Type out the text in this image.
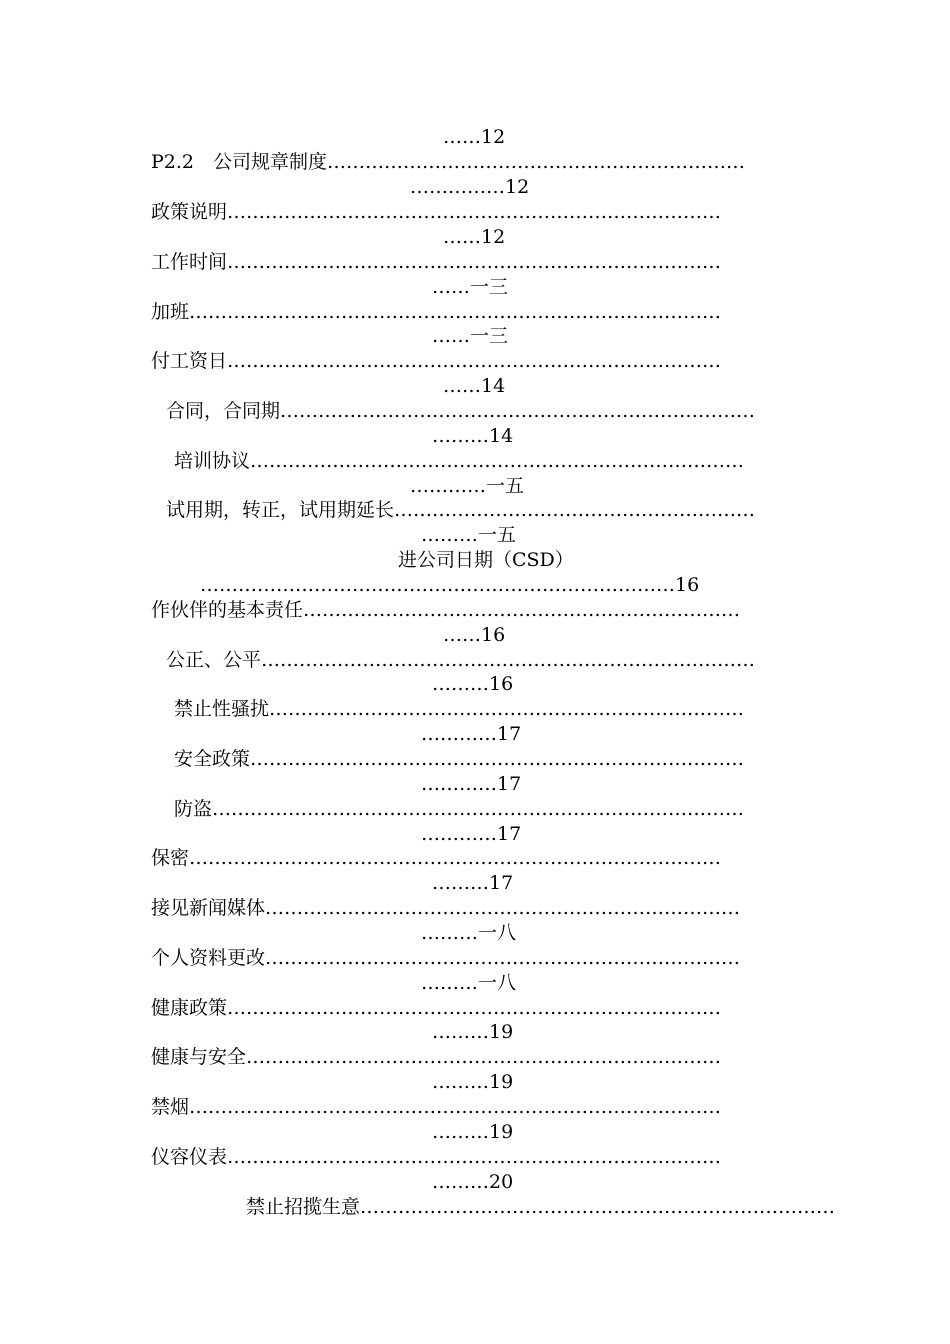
……12
P2.2　公司规章制度…………………………………………………………
……………12
政策说明……………………………………………………………………
……12
工作时间……………………………………………………………………
……一三
加班…………………………………………………………………………
……一三
付工资日……………………………………………………………………
……14
合同，合同期…………………………………………………………………
………14
培训协议……………………………………………………………………
…………一五
试用期，转正，试用期延长…………………………………………………
………一五
进公司日期（CSD）
…………………………………………………………………16
作伙伴的基本责任……………………………………………………………
……16
公正、公平……………………………………………………………………
………16
禁止性骚扰…………………………………………………………………
…………17
安全政策……………………………………………………………………
…………17
防盗…………………………………………………………………………
…………17
保密…………………………………………………………………………
………17
接见新闻媒体…………………………………………………………………
………一八
个人资料更改…………………………………………………………………
………一八
健康政策……………………………………………………………………
………19
健康与安全…………………………………………………………………
………19
禁烟…………………………………………………………………………
………19
仪容仪表……………………………………………………………………
………20
禁止招揽生意…………………………………………………………………
